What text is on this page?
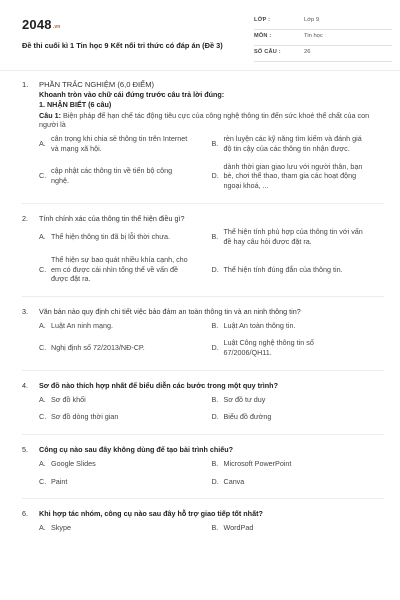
2048.vn
Đề thi cuối kì 1 Tin học 9 Kết nối tri thức có đáp án (Đề 3)
LỚP :	Lớp 9
MÔN :	Tin học
SỐ CÂU :	26
1.	PHẦN TRẮC NGHIỆM (6,0 ĐIỂM)
Khoanh tròn vào chữ cái đứng trước câu trả lời đúng:
1. NHẬN BIẾT (6 câu)
Câu 1: Biện pháp để hạn chế tác động tiêu cực của công nghệ thông tin đến sức khoẻ thể chất của con người là
A.
cân trọng khi chia sẻ thông tin trên Internet và mạng xã hội.
B.
rèn luyện các kỹ năng tìm kiếm và đánh giá độ tin cậy của các thông tin nhận được.
C.
cập nhật các thông tin về tiến bộ công nghệ.
D.
dành thời gian giao lưu với người thân, bạn bè, chơi thể thao, tham gia các hoạt động ngoại khoá, ...
2.	Tính chính xác của thông tin thể hiện điều gì?
A. Thể hiện thông tin đã bị lỗi thời chưa.	B.
Thể hiện tính phù hợp của thông tin với vấn đề hay câu hỏi được đặt ra.
C.
Thể hiện sự bao quát nhiều khía cạnh, cho em có được cái nhìn tổng thể về vấn đề được đặt ra.
D. Thể hiện tính đúng đắn của thông tin.
3.	Văn bản nào quy định chi tiết việc bảo đảm an toàn thông tin và an ninh thông tin?
A. Luật An ninh mạng.	B. Luật An toàn thông tin.
C. Nghị định số 72/2013/NĐ-CP.	D.
Luật Công nghệ thông tin số 67/2006/QH11.
4.	Sơ đồ nào thích hợp nhất để biểu diễn các bước trong một quy trình?
A. Sơ đồ khối	B. Sơ đồ tư duy
C. Sơ đồ dòng thời gian	D. Biểu đồ đường
5.	Công cụ nào sau đây không dùng để tạo bài trình chiếu?
A. Google Slides	B. Microsoft PowerPoint
C. Paint	D. Canva
6.	Khi hợp tác nhóm, công cụ nào sau đây hỗ trợ giao tiếp tốt nhất?
A. Skype	B. WordPad
